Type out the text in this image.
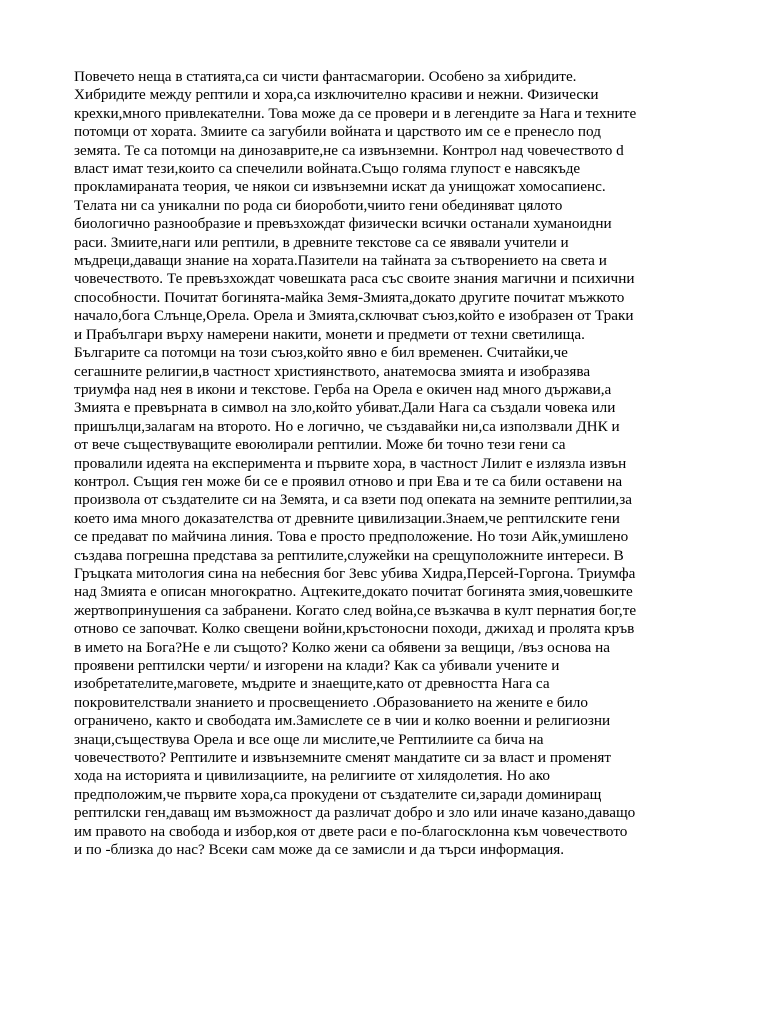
Повечето неща в статията,са си чисти фантасмагории. Особено за хибридите.
Хибридите между рептили и хора,са изключително красиви и нежни. Физически
крехки,много привлекателни. Това може да се провери и в легендите за Нага и техните
потомци от хората. Змиите са загубили войната и царството им се е пренесло под
земята. Те са потомци на динозаврите,не са извънземни. Контрол над човечеството d
власт имат тези,които са спечелили войната.Също голяма глупост е навсякъде
прокламираната теория, че някои си извънземни искат да унищожат хомосапиенс.
Телата ни са уникални по рода си биороботи,чиито гени обединяват цялото
биологично разнообразие и превъзхождат физически всички останали хуманоидни
раси. Змиите,наги или рептили, в древните текстове са се явявали учители и
мъдреци,даващи знание на хората.Пазители на тайната за сътворението на света и
човечеството. Те превъзхождат човешката раса със своите знания магични и психични
способности. Почитат богинята-майка Земя-Змията,докато другите почитат мъжкото
начало,бога Слънце,Орела. Орела и Змията,сключват съюз,който е изобразен от Траки
и Прабългари върху намерени накити, монети и предмети от техни светилища.
Българите са потомци на този съюз,който явно е бил временен. Считайки,че
сегашните религии,в частност християнството, анатемосва змията и изобразява
триумфа над нея в икони и текстове. Герба на Орела е окичен над много държави,а
Змията е превърната в символ на зло,който убиват.Дали Нага са създали човека или
пришълци,залагам на второто. Но е логично, че създавайки ни,са използвали ДНК и
от вече съществуващите евоюлирали рептилии. Може би точно тези гени са
провалили идеята на експеримента и първите хора, в частност Лилит е излязла извън
контрол. Същия ген може би се е проявил отново и при Ева и те са били оставени на
произвола от създателите си на Земята, и са взети под опеката на земните рептилии,за
което има много доказателства от древните цивилизации.Знаем,че рептилските гени
се предават по майчина линия. Това е просто предположение. Но този Айк,умишлено
създава погрешна представа за рептилите,служейки на срещуположните интереси. В
Гръцката митология сина на небесния бог Зевс убива Хидра,Персей-Горгона. Триумфа
над Змията е описан многократно. Ацтеките,докато почитат богинята змия,човешките
жертвопринушения са забранени. Когато след война,се възкачва в култ пернатия бог,те
отново се започват. Колко свещени войни,кръстоносни походи, джихад и пролята кръв
в името на Бога?Не е ли същото? Колко жени са обявени за вещици, /въз основа на
проявени рептилски черти/ и изгорени на клади? Как са убивали учените и
изобретателите,маговете, мъдрите и знаещите,като от древността Нага са
покровителствали знанието и просвещението .Образованието на жените е било
ограничено, както и свободата им.Замислете се в чии и колко военни и религиозни
знаци,съществува Орела и все още ли мислите,че Рептилиите са бича на
човечеството? Рептилите и извънземните сменят мандатите си за власт и променят
хода на историята и цивилизациите, на религиите от хилядолетия. Но ако
предположим,че първите хора,са прокудени от създателите си,заради доминиращ
рептилски ген,даващ им възможност да различат добро и зло или иначе казано,даващо
им правото на свобода и избор,коя от двете раси е по-благосклонна към човечеството
и по -близка до нас? Всеки сам може да се замисли и да търси информация.
